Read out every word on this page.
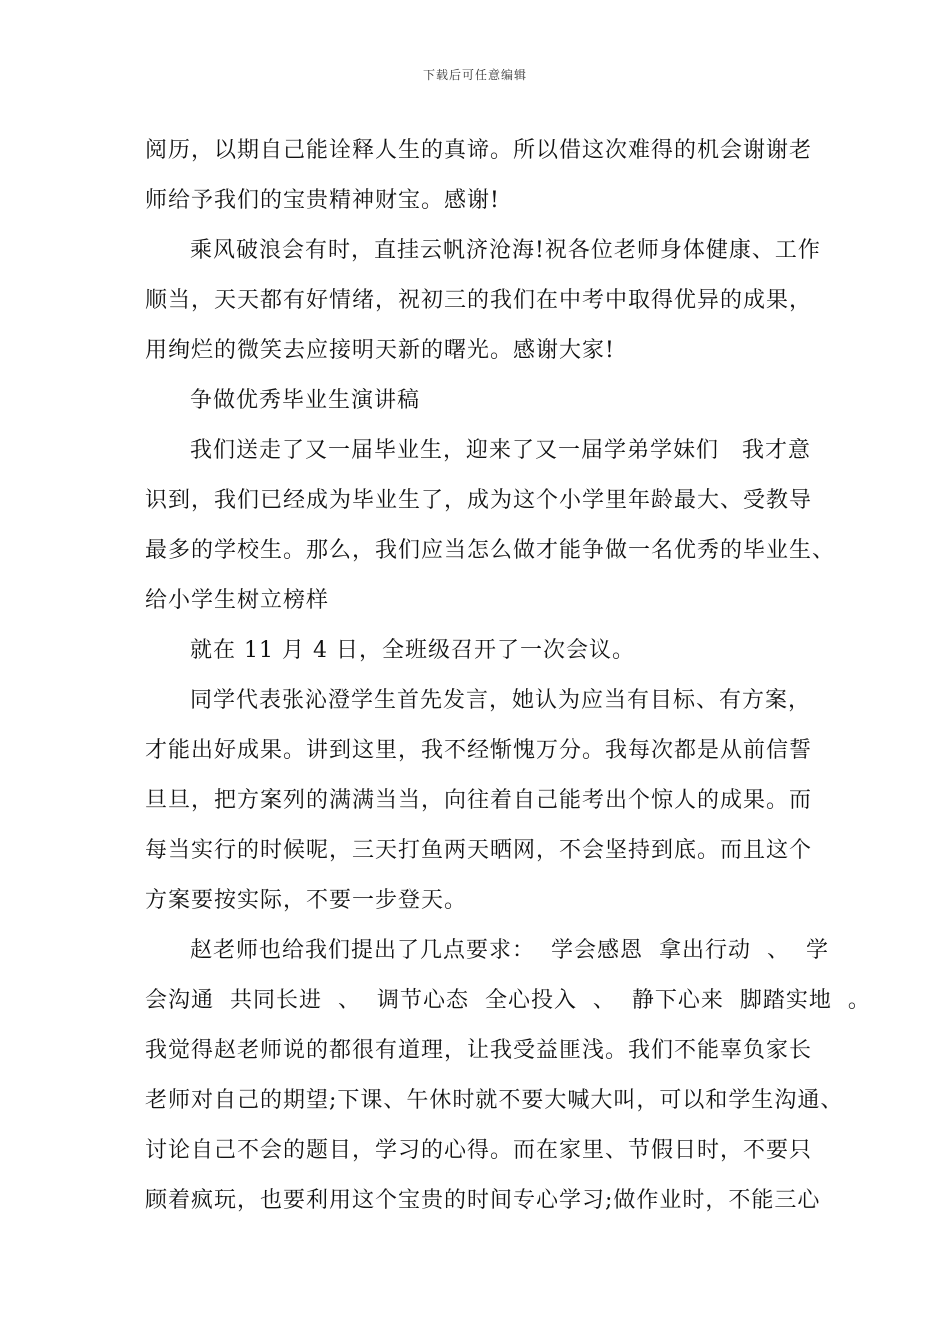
下载后可任意编辑
阅历，以期自己能诠释人生的真谛。所以借这次难得的机会谢谢老
师给予我们的宝贵精神财宝。感谢!
乘风破浪会有时，直挂云帆济沧海!祝各位老师身体健康、工作
顺当，天天都有好情绪，祝初三的我们在中考中取得优异的成果，
用绚烂的微笑去应接明天新的曙光。感谢大家!
争做优秀毕业生演讲稿
我们送走了又一届毕业生，迎来了又一届学弟学妹们　我才意
识到，我们已经成为毕业生了，成为这个小学里年龄最大、受教导
最多的学校生。那么，我们应当怎么做才能争做一名优秀的毕业生、
给小学生树立榜样
就在 11 月 4 日，全班级召开了一次会议。
同学代表张沁澄学生首先发言，她认为应当有目标、有方案，
才能出好成果。讲到这里，我不经惭愧万分。我每次都是从前信誓
旦旦，把方案列的满满当当，向往着自己能考出个惊人的成果。而
每当实行的时候呢，三天打鱼两天晒网，不会坚持到底。而且这个
方案要按实际，不要一步登天。
赵老师也给我们提出了几点要求：  学会感恩  拿出行动  、  学
会沟通  共同长进  、  调节心态  全心投入  、  静下心来  脚踏实地  。
我觉得赵老师说的都很有道理，让我受益匪浅。我们不能辜负家长
老师对自己的期望;下课、午休时就不要大喊大叫，可以和学生沟通、
讨论自己不会的题目，学习的心得。而在家里、节假日时，不要只
顾着疯玩，也要利用这个宝贵的时间专心学习;做作业时，不能三心
